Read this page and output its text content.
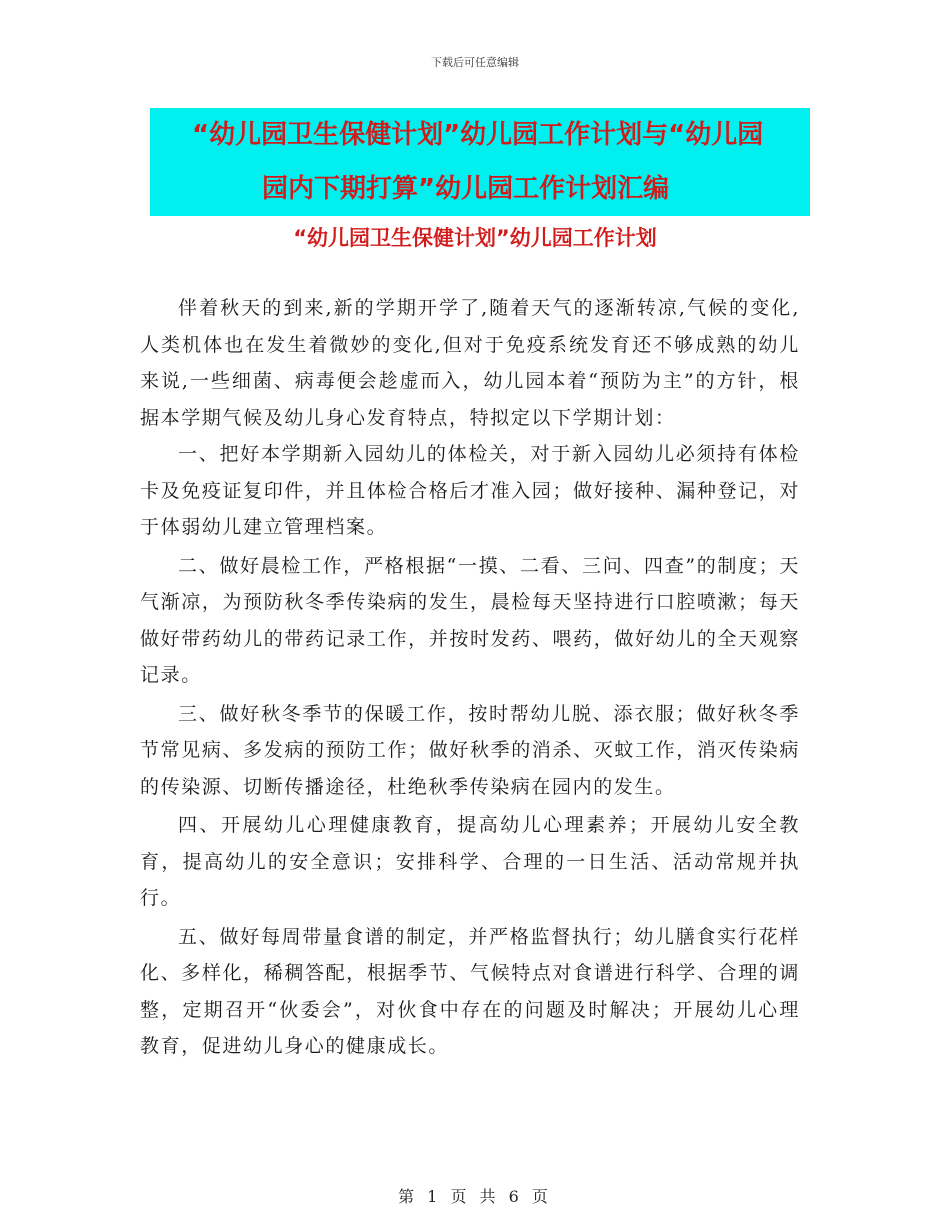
下载后可任意编辑
“幼儿园卫生保健计划”幼儿园工作计划与“幼儿园
园内下期打算”幼儿园工作计划汇编
“幼儿园卫生保健计划”幼儿园工作计划

伴着秋天的到来,新的学期开学了,随着天气的逐渐转凉,气候的变化,人类机体也在发生着微妙的变化,但对于免疫系统发育还不够成熟的幼儿来说,一些细菌、病毒便会趁虚而入，幼儿园本着“预防为主”的方针，根据本学期气候及幼儿身心发育特点，特拟定以下学期计划：

一、把好本学期新入园幼儿的体检关，对于新入园幼儿必须持有体检卡及免疫证复印件，并且体检合格后才准入园；做好接种、漏种登记，对于体弱幼儿建立管理档案。

二、做好晨检工作，严格根据“一摸、二看、三问、四查”的制度；天气渐凉，为预防秋冬季传染病的发生，晨检每天坚持进行口腔喷漱；每天做好带药幼儿的带药记录工作，并按时发药、喂药，做好幼儿的全天观察记录。

三、做好秋冬季节的保暖工作，按时帮幼儿脱、添衣服；做好秋冬季节常见病、多发病的预防工作；做好秋季的消杀、灭蚊工作，消灭传染病的传染源、切断传播途径，杜绝秋季传染病在园内的发生。

四、开展幼儿心理健康教育，提高幼儿心理素养；开展幼儿安全教育，提高幼儿的安全意识；安排科学、合理的一日生活、活动常规并执行。

五、做好每周带量食谱的制定，并严格监督执行；幼儿膳食实行花样化、多样化，稀稠答配，根据季节、气候特点对食谱进行科学、合理的调整，定期召开“伙委会”，对伙食中存在的问题及时解决；开展幼儿心理教育，促进幼儿身心的健康成长。

第 1 页 共 6 页
